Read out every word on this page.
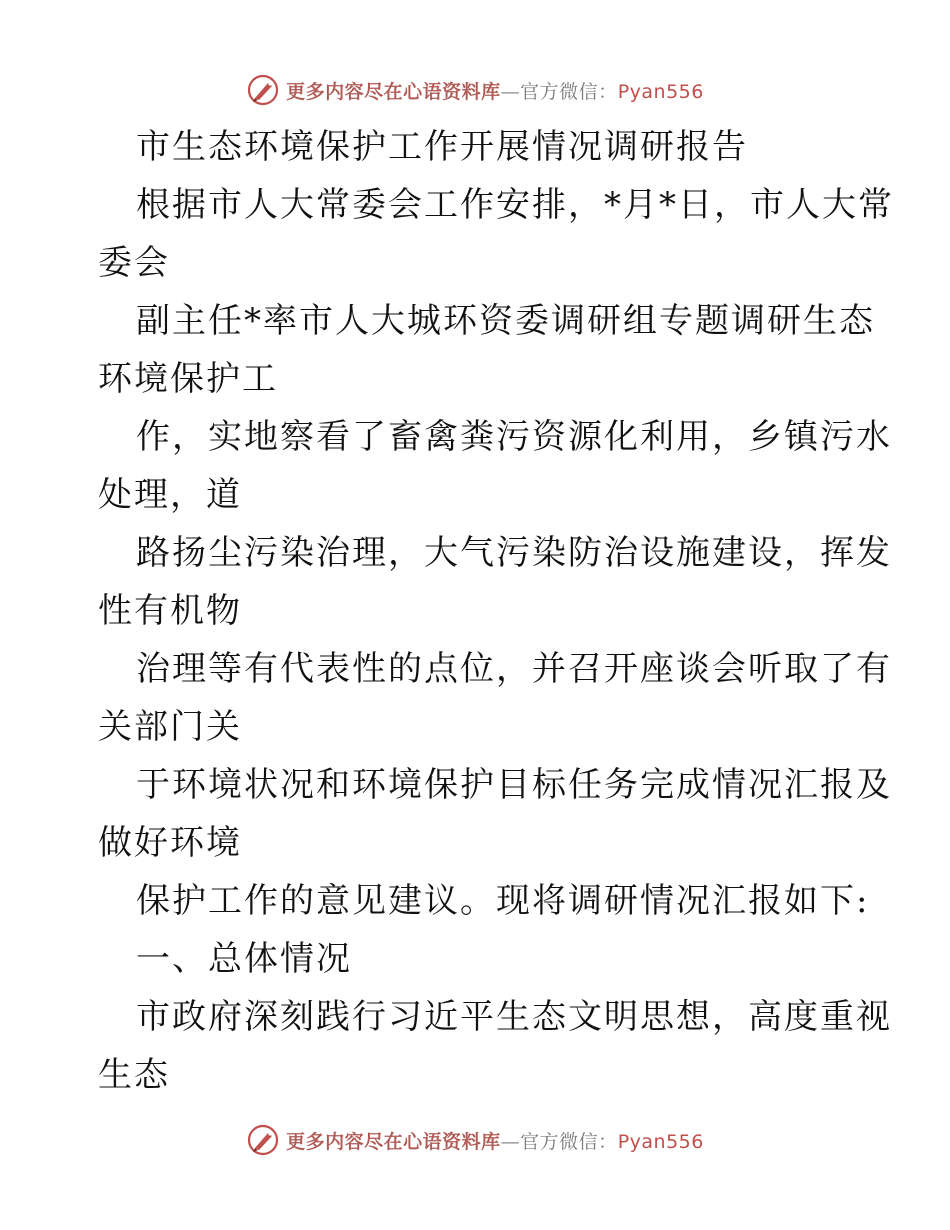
更多内容尽在心语资料库—官方微信：Pyan556
市生态环境保护工作开展情况调研报告
根据市人大常委会工作安排，*月*日，市人大常
委会
副主任*率市人大城环资委调研组专题调研生态
环境保护工
作，实地察看了畜禽粪污资源化利用，乡镇污水
处理，道
路扬尘污染治理，大气污染防治设施建设，挥发
性有机物
治理等有代表性的点位，并召开座谈会听取了有
关部门关
于环境状况和环境保护目标任务完成情况汇报及
做好环境
保护工作的意见建议。现将调研情况汇报如下:
一、总体情况
市政府深刻践行习近平生态文明思想，高度重视
生态
更多内容尽在心语资料库—官方微信：Pyan556
